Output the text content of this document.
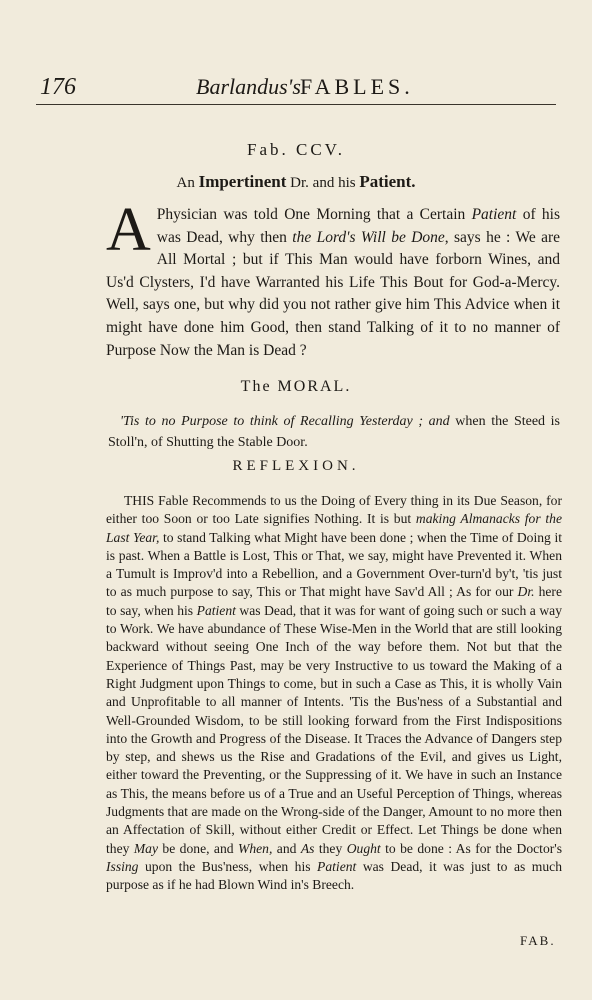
176	Barlandus's FABLES.
Fab. CCV.
An Impertinent Dr. and his Patient.
A Physician was told One Morning that a Certain Patient of his was Dead, why then the Lord's Will be Done, says he : We are All Mortal ; but if This Man would have forborn Wines, and Us'd Clysters, I'd have Warranted his Life This Bout for God-a-Mercy. Well, says one, but why did you not rather give him This Advice when it might have done him Good, then stand Talking of it to no manner of Purpose Now the Man is Dead ?
The MORAL.
'Tis to no Purpose to think of Recalling Yesterday ; and when the Steed is Stoll'n, of Shutting the Stable Door.
REFLEXION.
THIS Fable Recommends to us the Doing of Every thing in its Due Season, for either too Soon or too Late signifies Nothing. It is but making Almanacks for the Last Year, to stand Talking what Might have been done ; when the Time of Doing it is past. When a Battle is Lost, This or That, we say, might have Prevented it. When a Tumult is Improv'd into a Rebellion, and a Government Over-turn'd by't, 'tis just to as much purpose to say, This or That might have Sav'd All ; As for our Dr. here to say, when his Patient was Dead, that it was for want of going such or such a way to Work. We have abundance of These Wise-Men in the World that are still looking backward without seeing One Inch of the way before them. Not but that the Experience of Things Past, may be very Instructive to us toward the Making of a Right Judgment upon Things to come, but in such a Case as This, it is wholly Vain and Unprofitable to all manner of Intents. 'Tis the Bus'ness of a Substantial and Well-Grounded Wisdom, to be still looking forward from the First Indispositions into the Growth and Progress of the Disease. It Traces the Advance of Dangers step by step, and shews us the Rise and Gradations of the Evil, and gives us Light, either toward the Preventing, or the Suppressing of it. We have in such an Instance as This, the means before us of a True and an Useful Perception of Things, whereas Judgments that are made on the Wrong-side of the Danger, Amount to no more then an Affectation of Skill, without either Credit or Effect. Let Things be done when they May be done, and When, and As they Ought to be done : As for the Doctor's Issing upon the Bus'ness, when his Patient was Dead, it was just to as much purpose as if he had Blown Wind in's Breech.
FAB.
